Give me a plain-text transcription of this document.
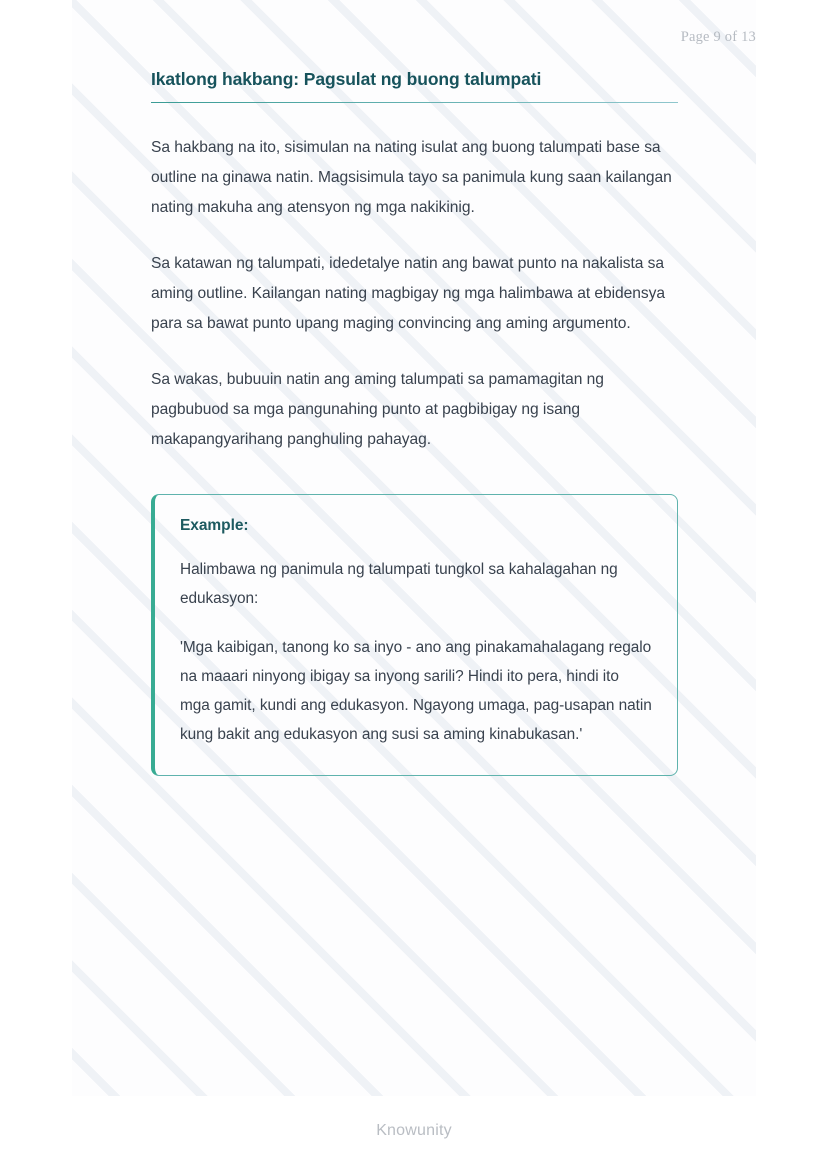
Page 9 of 13
Ikatlong hakbang: Pagsulat ng buong talumpati

Sa hakbang na ito, sisimulan na nating isulat ang buong talumpati base sa outline na ginawa natin. Magsisimula tayo sa panimula kung saan kailangan nating makuha ang atensyon ng mga nakikinig.

Sa katawan ng talumpati, idedetalye natin ang bawat punto na nakalista sa aming outline. Kailangan nating magbigay ng mga halimbawa at ebidensya para sa bawat punto upang maging convincing ang aming argumento.

Sa wakas, bubuuin natin ang aming talumpati sa pamamagitan ng pagbubuod sa mga pangunahing punto at pagbibigay ng isang makapangyarihang panghuling pahayag.

Example:

Halimbawa ng panimula ng talumpati tungkol sa kahalagahan ng edukasyon:

'Mga kaibigan, tanong ko sa inyo - ano ang pinakamahalagang regalo na maaari ninyong ibigay sa inyong sarili? Hindi ito pera, hindi ito mga gamit, kundi ang edukasyon. Ngayong umaga, pag-usapan natin kung bakit ang edukasyon ang susi sa aming kinabukasan.'

Knowunity
